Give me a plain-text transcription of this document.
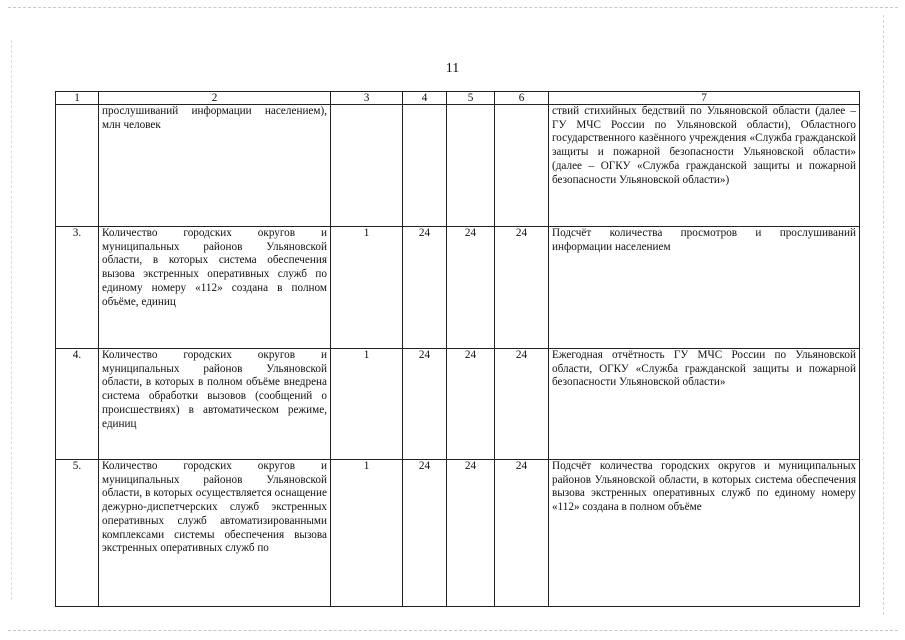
11
1	2	3	4	5	6	7
	прослушиваний информации населением), млн человек					ствий стихийных бедствий по Ульяновской области (далее – ГУ МЧС России по Ульяновской области), Областного государственного казённого учреждения «Служба гражданской защиты и пожарной безопасности Ульяновской области» (далее – ОГКУ «Служба гражданской защиты и пожарной безопасности Ульяновской области»)
3.	Количество городских округов и муниципальных районов Ульяновской области, в которых система обеспечения вызова экстренных оперативных служб по единому номеру «112» создана в полном объёме, единиц	1	24	24	24	Подсчёт количества просмотров и прослушиваний информации населением
4.	Количество городских округов и муниципальных районов Ульяновской области, в которых в полном объёме внедрена система обработки вызовов (сообщений о происшествиях) в автоматическом режиме, единиц	1	24	24	24	Ежегодная отчётность ГУ МЧС России по Ульяновской области, ОГКУ «Служба гражданской защиты и пожарной безопасности Ульяновской области»
5.	Количество городских округов и муниципальных районов Ульяновской области, в которых осуществляется оснащение дежурно-диспетчерских служб экстренных оперативных служб автоматизированными комплексами системы обеспечения вызова экстренных оперативных служб по	1	24	24	24	Подсчёт количества городских округов и муниципальных районов Ульяновской области, в которых система обеспечения вызова экстренных оперативных служб по единому номеру «112» создана в полном объёме
